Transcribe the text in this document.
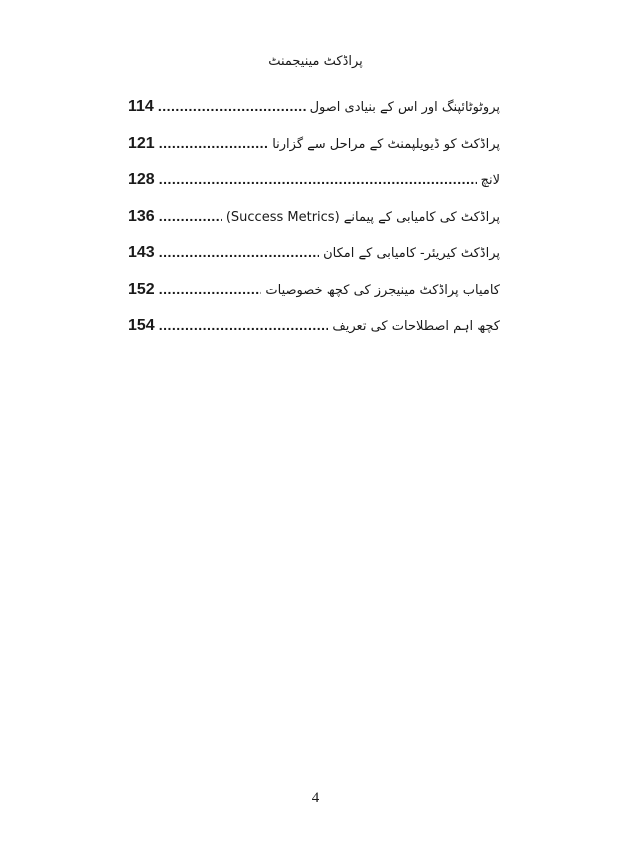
پراڈکٹ مینیجمنٹ
114 .....	پروٹوٹائپنگ اور اس کے بنیادی اصول
121 .....	پراڈکٹ کو ڈیویلپمنٹ کے مراحل سے گزارنا
128 .....	لانچ
136 .....	پراڈکٹ کی کامیابی کے پیمانے (Success Metrics)
143 .....	پراڈکٹ کیریئر- کامیابی کے امکان
152 .....	کامیاب پراڈکٹ مینیجرز کی کچھ خصوصیات
154 .....	کچھ اہم اصطلاحات کی تعریف
4
